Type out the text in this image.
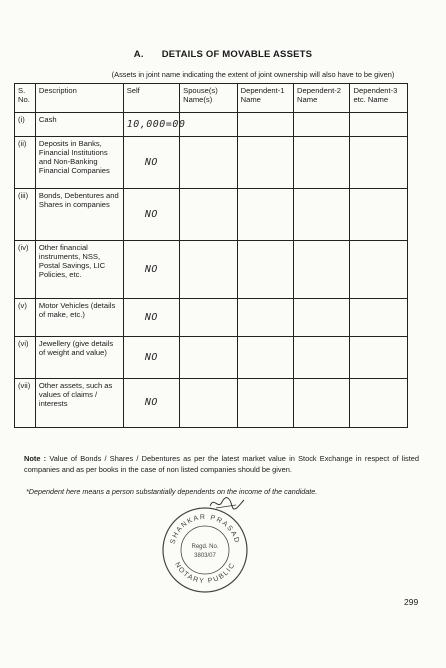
A. DETAILS OF MOVABLE ASSETS
(Assets in joint name indicating the extent of joint ownership will also have to be given)
S. No.	Description	Self	Spouse(s) Name(s)	Dependent-1 Name	Dependent-2 Name	Dependent-3 etc. Name
(i)	Cash	10,000=00				
(ii)	Deposits in Banks, Financial Institutions and Non-Banking Financial Companies	NO				
(iii)	Bonds, Debentures and Shares in companies	NO				
(iv)	Other financial instruments, NSS, Postal Savings, LIC Policies, etc.	NO				
(v)	Motor Vehicles (details of make, etc.)	NO				
(vi)	Jewellery (give details of weight and value)	NO				
(vii)	Other assets, such as values of claims / interests	NO				
Note : Value of Bonds / Shares / Debentures as per the latest market value in Stock Exchange in respect of listed companies and as per books in the case of non listed companies should be given.
*Dependent here means a person substantially dependents on the income of the candidate.
SHANKAR PRASAD
NOTARY PUBLIC
Regd. No.
3803/07
299
